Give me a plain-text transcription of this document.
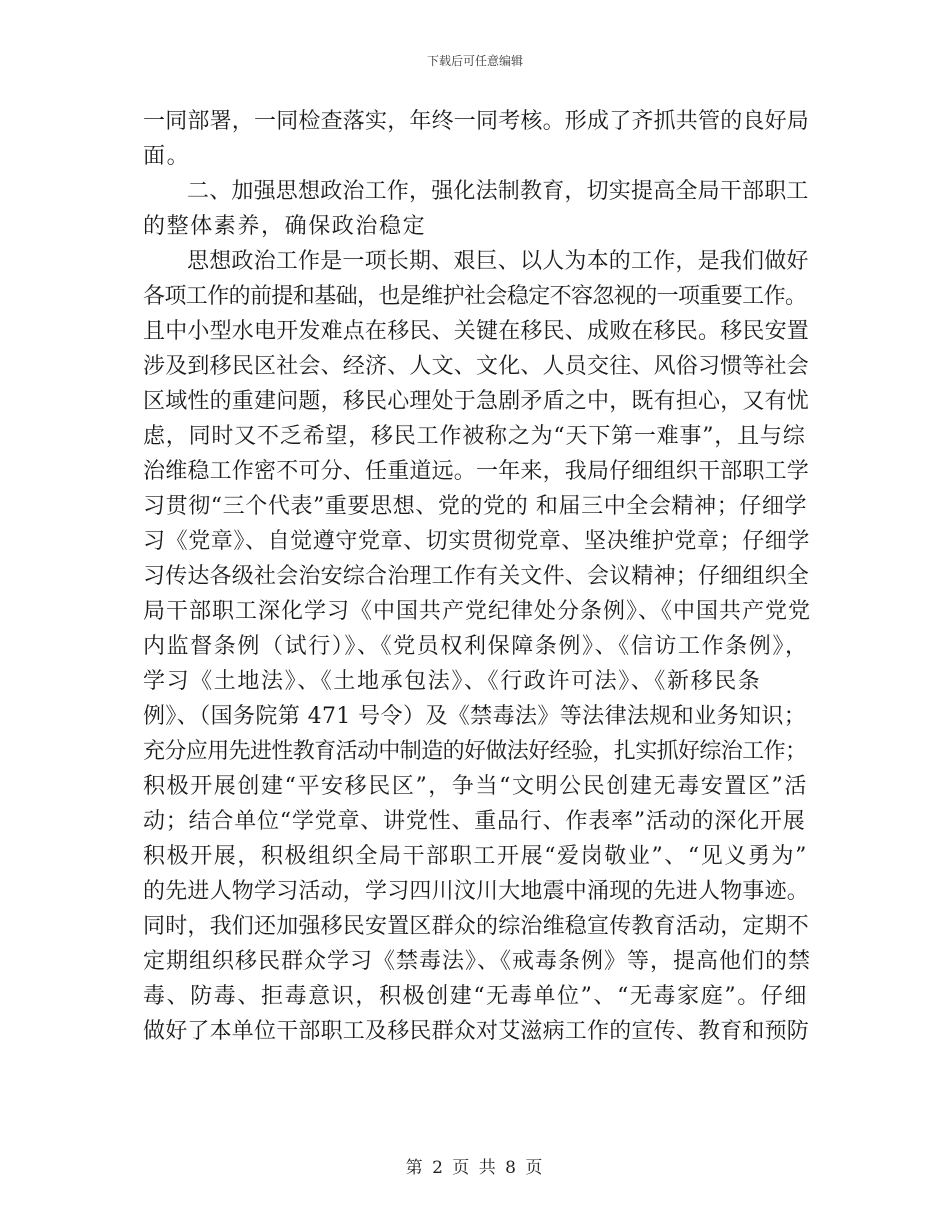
下载后可任意编辑
一同部署，一同检查落实，年终一同考核。形成了齐抓共管的良好局
面。
二、加强思想政治工作，强化法制教育，切实提高全局干部职工
的整体素养，确保政治稳定
思想政治工作是一项长期、艰巨、以人为本的工作，是我们做好
各项工作的前提和基础，也是维护社会稳定不容忽视的一项重要工作。
且中小型水电开发难点在移民、关键在移民、成败在移民。移民安置
涉及到移民区社会、经济、人文、文化、人员交往、风俗习惯等社会
区域性的重建问题，移民心理处于急剧矛盾之中，既有担心，又有忧
虑，同时又不乏希望，移民工作被称之为“天下第一难事”，且与综
治维稳工作密不可分、任重道远。一年来，我局仔细组织干部职工学
习贯彻“三个代表”重要思想、党的党的 和届三中全会精神；仔细学
习《党章》、自觉遵守党章、切实贯彻党章、坚决维护党章；仔细学
习传达各级社会治安综合治理工作有关文件、会议精神；仔细组织全
局干部职工深化学习《中国共产党纪律处分条例》、《中国共产党党
内监督条例（试行）》、《党员权利保障条例》、《信访工作条例》，
学习《土地法》、《土地承包法》、《行政许可法》、《新移民条
例》、（国务院第 471 号令）及《禁毒法》等法律法规和业务知识；
充分应用先进性教育活动中制造的好做法好经验，扎实抓好综治工作；
积极开展创建“平安移民区”，争当“文明公民创建无毒安置区”活
动；结合单位“学党章、讲党性、重品行、作表率”活动的深化开展
积极开展，积极组织全局干部职工开展“爱岗敬业”、“见义勇为”
的先进人物学习活动，学习四川汶川大地震中涌现的先进人物事迹。
同时，我们还加强移民安置区群众的综治维稳宣传教育活动，定期不
定期组织移民群众学习《禁毒法》、《戒毒条例》等，提高他们的禁
毒、防毒、拒毒意识，积极创建“无毒单位”、“无毒家庭”。仔细
做好了本单位干部职工及移民群众对艾滋病工作的宣传、教育和预防
第 2 页 共 8 页
